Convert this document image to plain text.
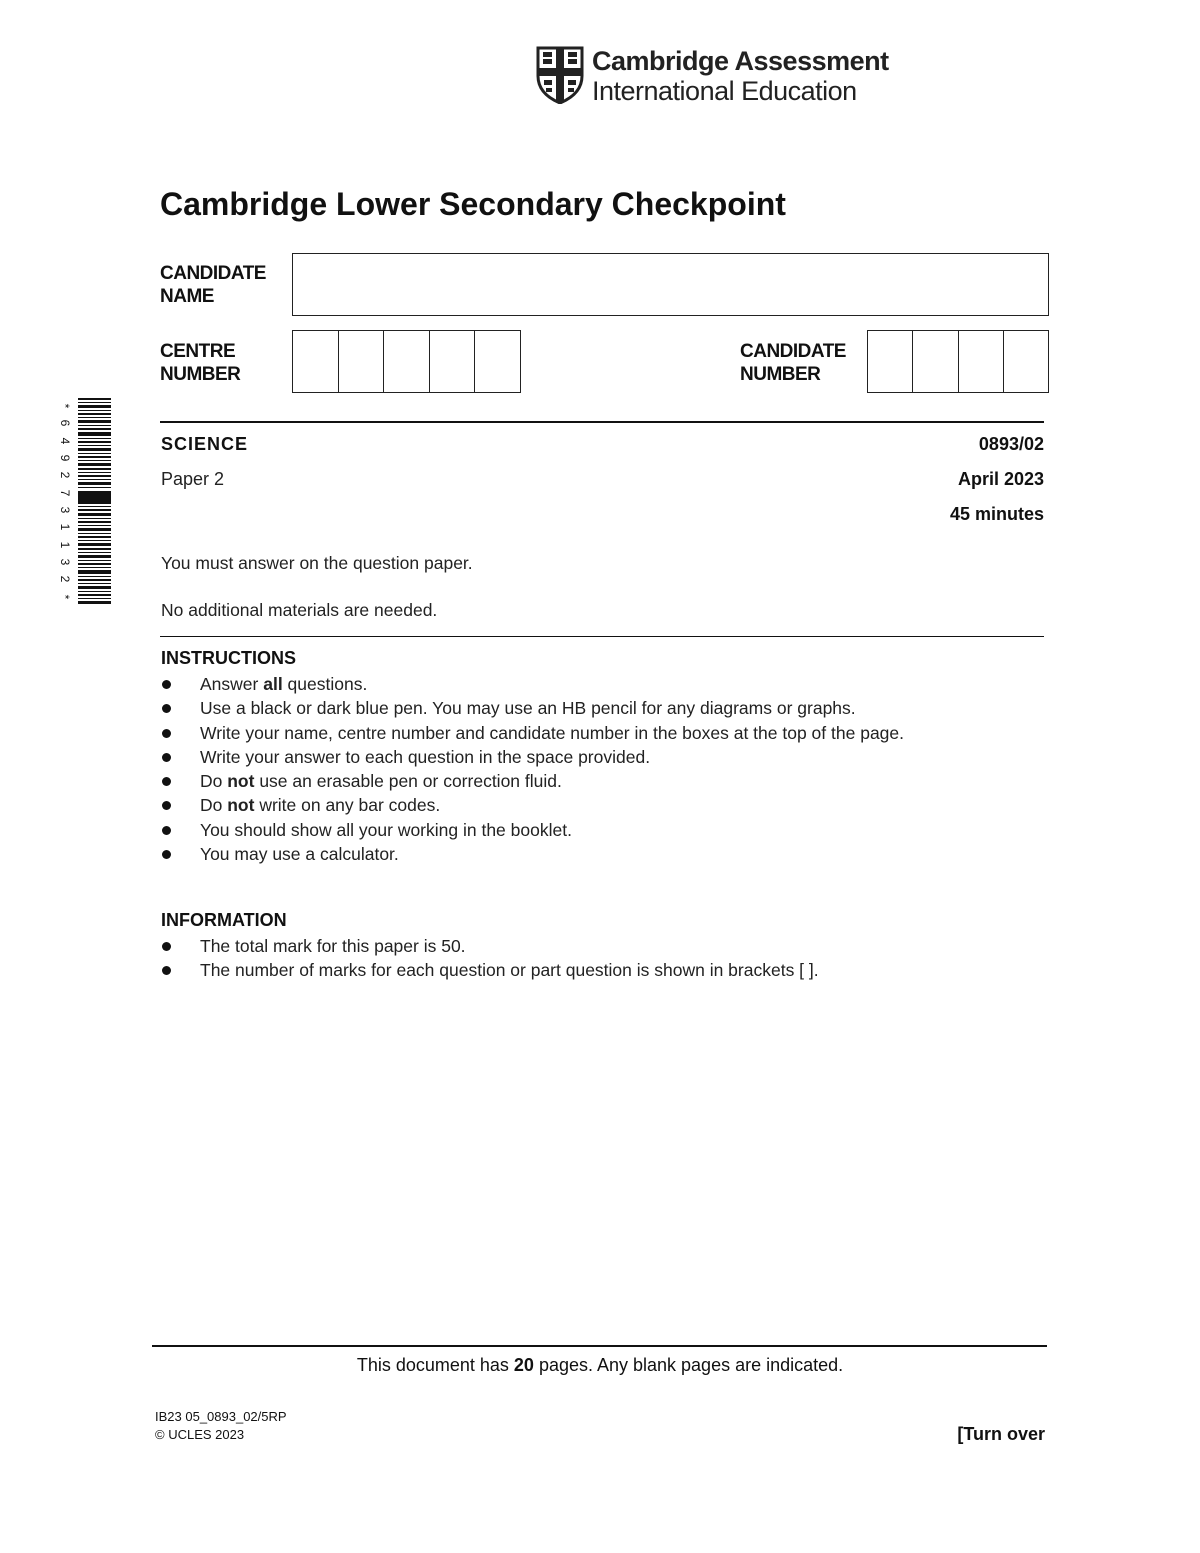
Cambridge Assessment
International Education
Cambridge Lower Secondary Checkpoint
CANDIDATE
NAME
CENTRE
NUMBER
CANDIDATE
NUMBER
*
6
4
9
2
7
3
1
1
3
2
*
SCIENCE
Paper 2
0893/02
April 2023
45 minutes
You must answer on the question paper.
No additional materials are needed.
INSTRUCTIONS
Answer all questions.
Use a black or dark blue pen. You may use an HB pencil for any diagrams or graphs.
Write your name, centre number and candidate number in the boxes at the top of the page.
Write your answer to each question in the space provided.
Do not use an erasable pen or correction fluid.
Do not write on any bar codes.
You should show all your working in the booklet.
You may use a calculator.
INFORMATION
The total mark for this paper is 50.
The number of marks for each question or part question is shown in brackets [ ].
This document has 20 pages. Any blank pages are indicated.
IB23 05_0893_02/5RP
© UCLES 2023	[Turn over
